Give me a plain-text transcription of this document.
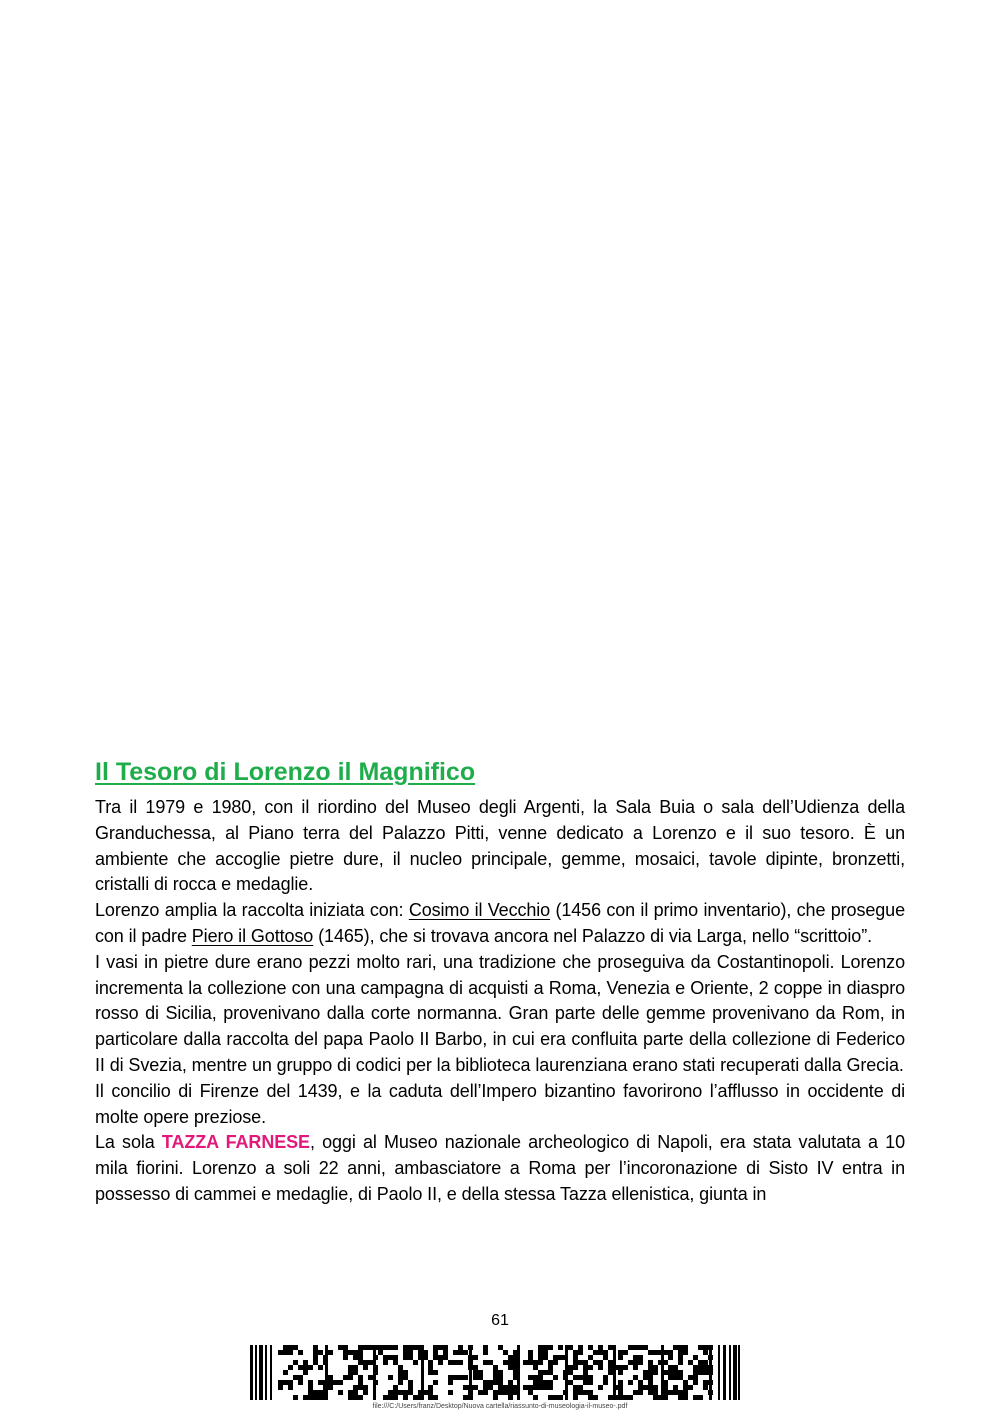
Il Tesoro di Lorenzo il Magnifico

Tra il 1979 e 1980, con il riordino del Museo degli Argenti, la Sala Buia o sala dell’Udienza della Granduchessa, al Piano terra del Palazzo Pitti, venne dedicato a Lorenzo e il suo tesoro. È un ambiente che accoglie pietre dure, il nucleo principale, gemme, mosaici, tavole dipinte, bronzetti, cristalli di rocca e medaglie.

Lorenzo amplia la raccolta iniziata con: Cosimo il Vecchio (1456 con il primo inventario), che prosegue con il padre Piero il Gottoso (1465), che si trovava ancora nel Palazzo di via Larga, nello “scrittoio”.

I vasi in pietre dure erano pezzi molto rari, una tradizione che proseguiva da Costantinopoli. Lorenzo incrementa la collezione con una campagna di acquisti a Roma, Venezia e Oriente, 2 coppe in diaspro rosso di Sicilia, provenivano dalla corte normanna. Gran parte delle gemme provenivano da Rom, in particolare dalla raccolta del papa Paolo II Barbo, in cui era confluita parte della collezione di Federico II di Svezia, mentre un gruppo di codici per la biblioteca laurenziana erano stati recuperati dalla Grecia.

Il concilio di Firenze del 1439, e la caduta dell’Impero bizantino favorirono l’afflusso in occidente di molte opere preziose.

La sola TAZZA FARNESE, oggi al Museo nazionale archeologico di Napoli, era stata valutata a 10 mila fiorini. Lorenzo a soli 22 anni, ambasciatore a Roma per l’incoronazione di Sisto IV entra in possesso di cammei e medaglie, di Paolo II, e della stessa Tazza ellenistica, giunta in

61
file:///C:/Users/franz/Desktop/Nuova cartella/riassunto-di-museologia-il-museo-.pdf
